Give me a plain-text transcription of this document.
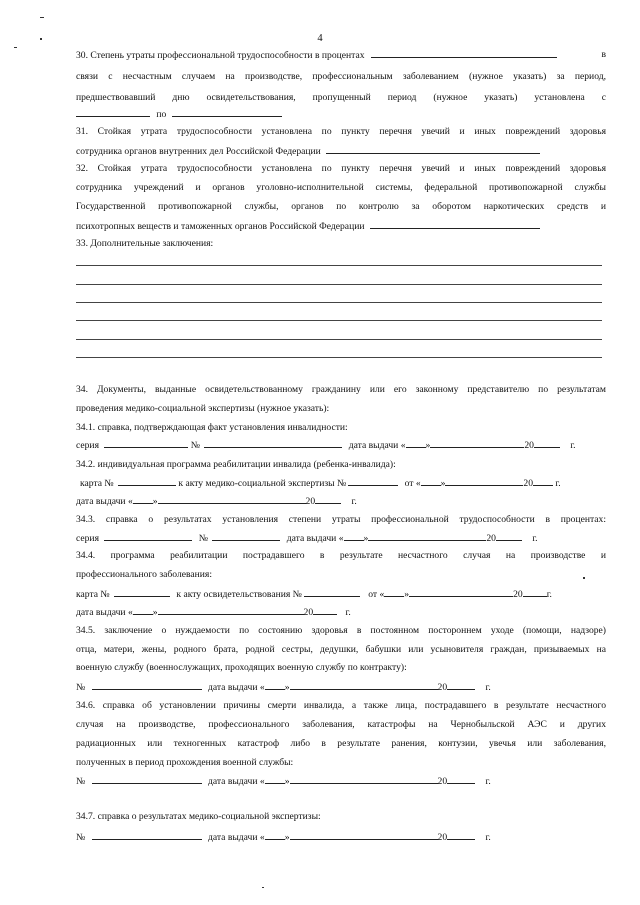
4
30. Степень утраты профессиональной трудоспособности в процентах	в
связи с несчастным случаем на производстве, профессиональным заболеванием (нужное указать) за период,
предшествовавший дню освидетельствования, пропущенный период (нужное указать) установлена с
по
31. Стойкая утрата трудоспособности установлена по пункту перечня увечий и иных повреждений здоровья
сотрудника органов внутренних дел Российской Федерации
32. Стойкая утрата трудоспособности установлена по пункту перечня увечий и иных повреждений здоровья
сотрудника учреждений и органов уголовно-исполнительной системы, федеральной противопожарной службы
Государственной противопожарной службы, органов по контролю за оборотом наркотических средств и
психотропных веществ и таможенных органов Российской Федерации
33. Дополнительные заключения:
34. Документы, выданные освидетельствованному гражданину или его законному представителю по результатам
проведения медико-социальной экспертизы (нужное указать):
34.1. справка, подтверждающая факт установления инвалидности:
серия	№	дата выдачи « »	20	г.
34.2. индивидуальная программа реабилитации инвалида (ребенка-инвалида):
карта №	к акту медико-социальной экспертизы №	от « »	20 г.
дата выдачи « »	20	г.
34.3. справка о результатах установления степени утраты профессиональной трудоспособности в процентах:
серия	№	дата выдачи « »	20	г.
34.4. программа реабилитации пострадавшего в результате несчастного случая на производстве и
профессионального заболевания:
карта №	к акту освидетельствования №	от « »	20	г.
дата выдачи « »	20	г.
34.5. заключение о нуждаемости по состоянию здоровья в постоянном постороннем уходе (помощи, надзоре)
отца, матери, жены, родного брата, родной сестры, дедушки, бабушки или усыновителя граждан, призываемых на
военную службу (военнослужащих, проходящих военную службу по контракту):
№	дата выдачи « »	20	г.
34.6. справка об установлении причины смерти инвалида, а также лица, пострадавшего в результате несчастного
случая на производстве, профессионального заболевания, катастрофы на Чернобыльской АЭС и других
радиационных или техногенных катастроф либо в результате ранения, контузии, увечья или заболевания,
полученных в период прохождения военной службы:
№	дата выдачи « »	20	г.
34.7. справка о результатах медико-социальной экспертизы:
№	дата выдачи « »	20	г.
